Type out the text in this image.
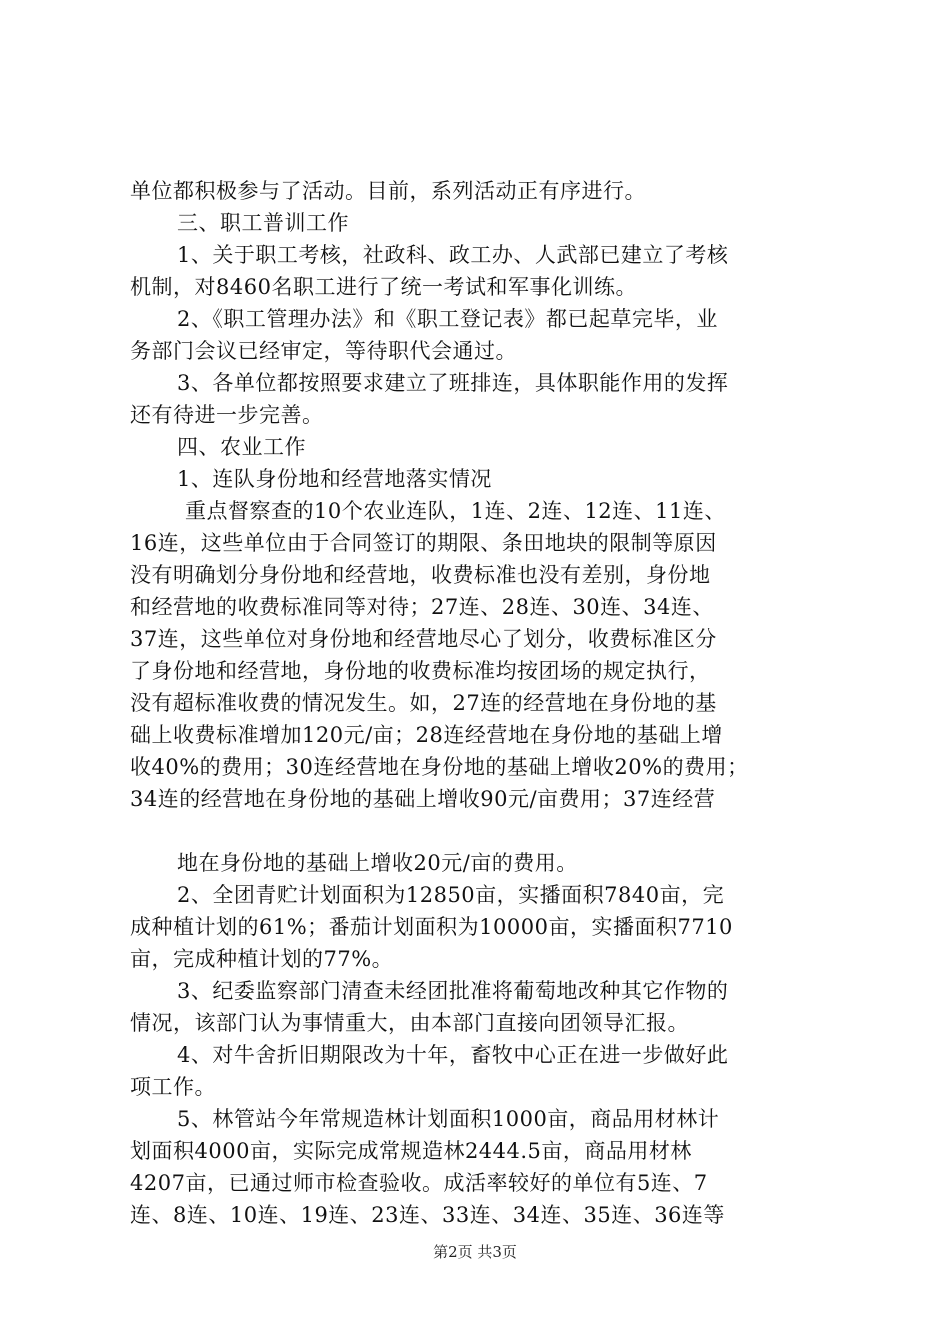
单位都积极参与了活动。目前，系列活动正有序进行。
三、职工普训工作
1、关于职工考核，社政科、政工办、人武部已建立了考核
机制，对8460名职工进行了统一考试和军事化训练。
2、《职工管理办法》和《职工登记表》都已起草完毕，业
务部门会议已经审定，等待职代会通过。
3、各单位都按照要求建立了班排连，具体职能作用的发挥
还有待进一步完善。
四、农业工作
1、连队身份地和经营地落实情况
重点督察查的10个农业连队，1连、2连、12连、11连、
16连，这些单位由于合同签订的期限、条田地块的限制等原因
没有明确划分身份地和经营地，收费标准也没有差别，身份地
和经营地的收费标准同等对待；27连、28连、30连、34连、
37连，这些单位对身份地和经营地尽心了划分，收费标准区分
了身份地和经营地，身份地的收费标准均按团场的规定执行，
没有超标准收费的情况发生。如，27连的经营地在身份地的基
础上收费标准增加120元/亩；28连经营地在身份地的基础上增
收40%的费用；30连经营地在身份地的基础上增收20%的费用；
34连的经营地在身份地的基础上增收90元/亩费用；37连经营
地在身份地的基础上增收20元/亩的费用。
2、全团青贮计划面积为12850亩，实播面积7840亩，完
成种植计划的61%；番茄计划面积为10000亩，实播面积7710
亩，完成种植计划的77%。
3、纪委监察部门清查未经团批准将葡萄地改种其它作物的
情况，该部门认为事情重大，由本部门直接向团领导汇报。
4、对牛舍折旧期限改为十年，畜牧中心正在进一步做好此
项工作。
5、林管站今年常规造林计划面积1000亩，商品用材林计
划面积4000亩，实际完成常规造林2444.5亩，商品用材林
4207亩，已通过师市检查验收。成活率较好的单位有5连、7
连、8连、10连、19连、23连、33连、34连、35连、36连等
第2页 共3页
